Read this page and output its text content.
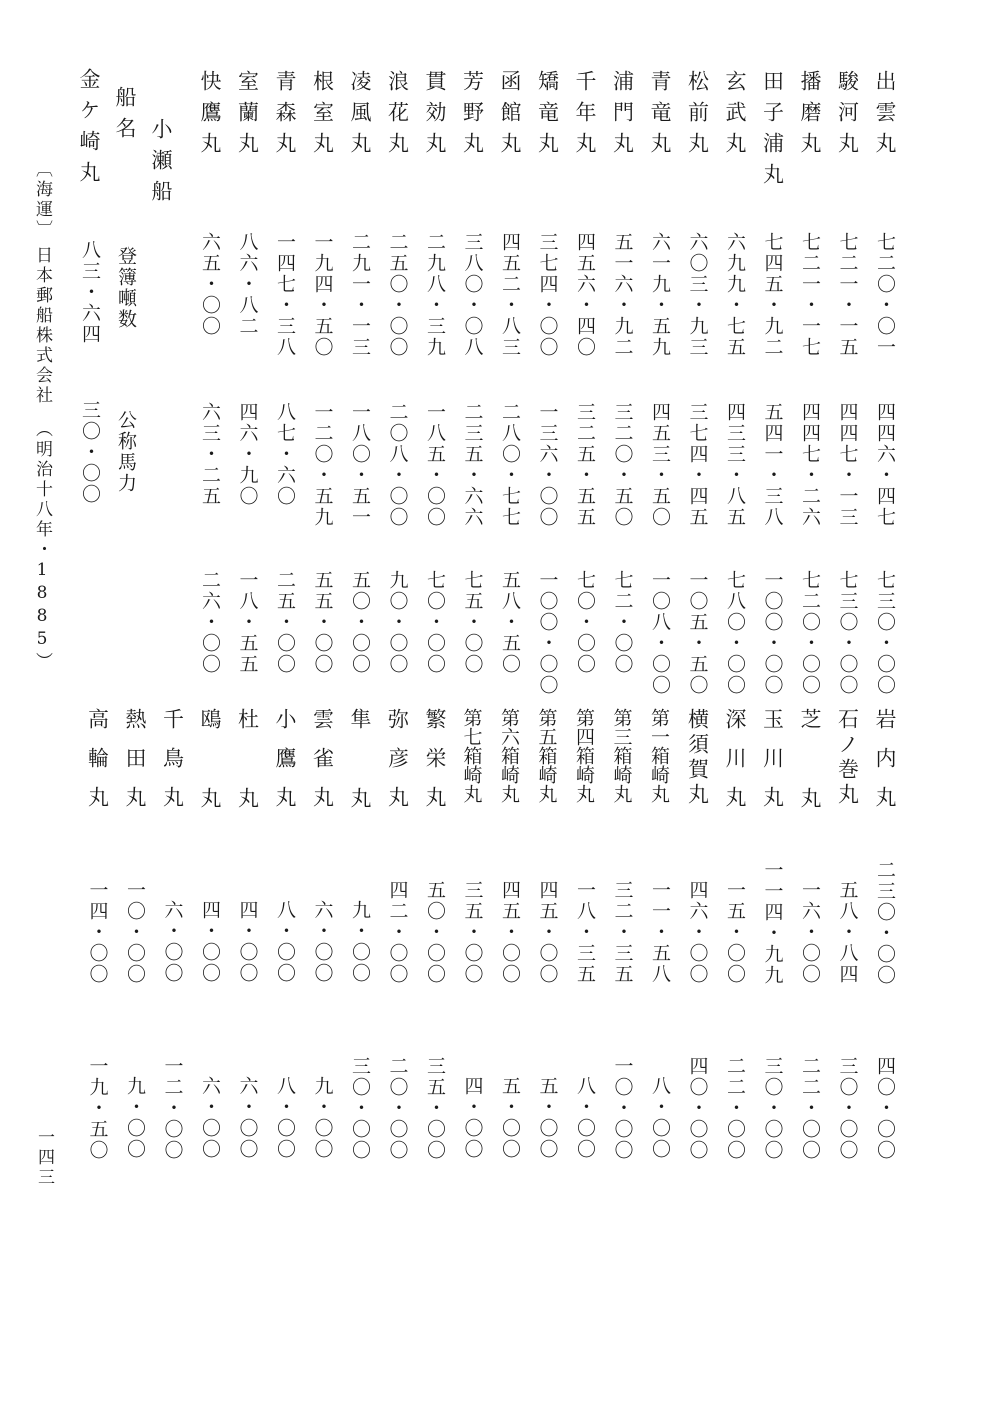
出雲丸
七二〇・〇一
四四六・四七
七三〇・〇〇
駿河丸
七二一・一五
四四七・一三
七三〇・〇〇
播磨丸
七二一・一七
四四七・二六
七二〇・〇〇
田子浦丸
七四五・九二
五四一・三八
一〇〇・〇〇
玄武丸
六九九・七五
四三三・八五
七八〇・〇〇
松前丸
六〇三・九三
三七四・四五
一〇五・五〇
青竜丸
六一九・五九
四五三・五〇
一〇八・〇〇
浦門丸
五一六・九二
三二〇・五〇
七二・〇〇
千年丸
四五六・四〇
三二五・五五
七〇・〇〇
矯竜丸
三七四・〇〇
一三六・〇〇
一〇〇・〇〇
函館丸
四五二・八三
二八〇・七七
五八・五〇
芳野丸
三八〇・〇八
二三五・六六
七五・〇〇
貫効丸
二九八・三九
一八五・〇〇
七〇・〇〇
浪花丸
二五〇・〇〇
二〇八・〇〇
九〇・〇〇
凌風丸
二九一・一三
一八〇・五一
五〇・〇〇
根室丸
一九四・五〇
一二〇・五九
五五・〇〇
青森丸
一四七・三八
八七・六〇
二五・〇〇
室蘭丸
八六・八二
四六・九〇
一八・五五
快鷹丸
六五・〇〇
六三・二五
二六・〇〇
小瀬船
船名
登簿噸数
公称馬力
金ケ崎丸
八三・六四
三〇・〇〇
岩内丸
二三〇・〇〇
四〇・〇〇
石ノ巻丸
五八・八四
三〇・〇〇
芝丸
一六・〇〇
二二・〇〇
玉川丸
一一四・九九
三〇・〇〇
深川丸
一五・〇〇
二二・〇〇
横須賀丸
四六・〇〇
四〇・〇〇
第一箱崎丸
一一・五八
八・〇〇
第三箱崎丸
三二・三五
一〇・〇〇
第四箱崎丸
一八・三五
八・〇〇
第五箱崎丸
四五・〇〇
五・〇〇
第六箱崎丸
四五・〇〇
五・〇〇
第七箱崎丸
三五・〇〇
四・〇〇
繁栄丸
五〇・〇〇
三五・〇〇
弥彦丸
四二・〇〇
二〇・〇〇
隼丸
九・〇〇
三〇・〇〇
雲雀丸
六・〇〇
九・〇〇
小鷹丸
八・〇〇
八・〇〇
杜丸
四・〇〇
六・〇〇
鴎丸
四・〇〇
六・〇〇
千鳥丸
六・〇〇
一二・〇〇
熱田丸
一〇・〇〇
九・〇〇
高輪丸
一四・〇〇
一九・五〇
〔海運〕
日本郵船株式会社
（明治十八年・1885）
一四三
